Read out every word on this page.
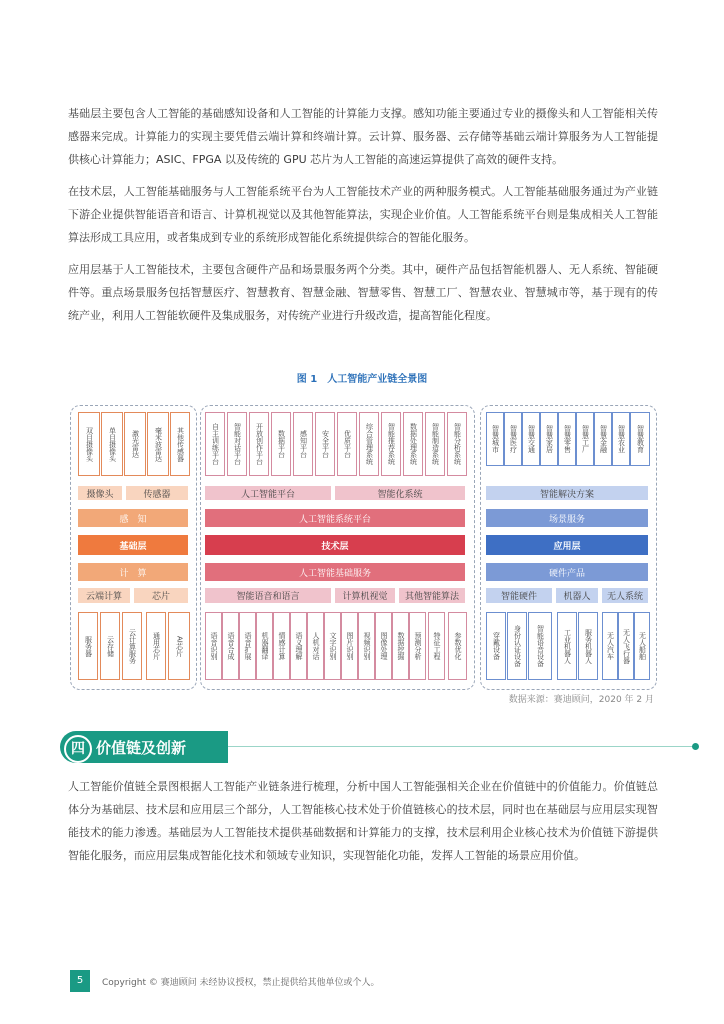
基础层主要包含人工智能的基础感知设备和人工智能的计算能力支撑。感知功能主要通过专业的摄像头和人工智能相关传感器来完成。计算能力的实现主要凭借云端计算和终端计算。云计算、服务器、云存储等基础云端计算服务为人工智能提供核心计算能力；ASIC、FPGA 以及传统的 GPU 芯片为人工智能的高速运算提供了高效的硬件支持。

在技术层，人工智能基础服务与人工智能系统平台为人工智能技术产业的两种服务模式。人工智能基础服务通过为产业链下游企业提供智能语音和语言、计算机视觉以及其他智能算法，实现企业价值。人工智能系统平台则是集成相关人工智能算法形成工具应用，或者集成到专业的系统形成智能化系统提供综合的智能化服务。

应用层基于人工智能技术，主要包含硬件产品和场景服务两个分类。其中，硬件产品包括智能机器人、无人系统、智能硬件等。重点场景服务包括智慧医疗、智慧教育、智慧金融、智慧零售、智慧工厂、智慧农业、智慧城市等，基于现有的传统产业，利用人工智能软硬件及集成服务，对传统产业进行升级改造，提高智能化程度。

图 1　人工智能产业链全景图
双目摄像头	单目摄像头	激光雷达	毫米波雷达	其他传感器
摄像头	传感器
感　知
基础层
计　算
云端计算	芯片
服务器	云存储	云计算服务	通用芯片	AI芯片
自主训练平台	智能对话平台	开放创作平台	数据平台	感知平台	安全平台	优质平台	综合管理系统	智能推荐系统	数据处理系统	智能制造系统	智能分析系统
人工智能平台	智能化系统
人工智能系统平台
技术层
人工智能基础服务
智能语音和语言	计算机视觉	其他智能算法
语音识别	语音合成	语音扩展	机器翻译	情感计算	语义理解	人机对话	文字识别	图片识别	视频识别	图像处理	数据挖掘	预测分析	特征工程	参数优化
智慧城市	智慧医疗	智慧交通	智慧家居	智慧零售	智慧工厂	智慧金融	智慧农业	智慧教育
智能解决方案
场景服务
应用层
硬件产品
智能硬件	机器人	无人系统
穿戴设备	身份认证设备	智能语音设备	工业机器人	服务机器人	无人汽车	无人飞行器	无人船舶
数据来源：赛迪顾问，2020 年 2 月
四 价值链及创新

人工智能价值链全景图根据人工智能产业链条进行梳理，分析中国人工智能强相关企业在价值链中的价值能力。价值链总体分为基础层、技术层和应用层三个部分，人工智能核心技术处于价值链核心的技术层，同时也在基础层与应用层实现智能技术的能力渗透。基础层为人工智能技术提供基础数据和计算能力的支撑，技术层利用企业核心技术为价值链下游提供智能化服务，而应用层集成智能化技术和领域专业知识，实现智能化功能，发挥人工智能的场景应用价值。

5	Copyright © 赛迪顾问 未经协议授权，禁止提供给其他单位或个人。
